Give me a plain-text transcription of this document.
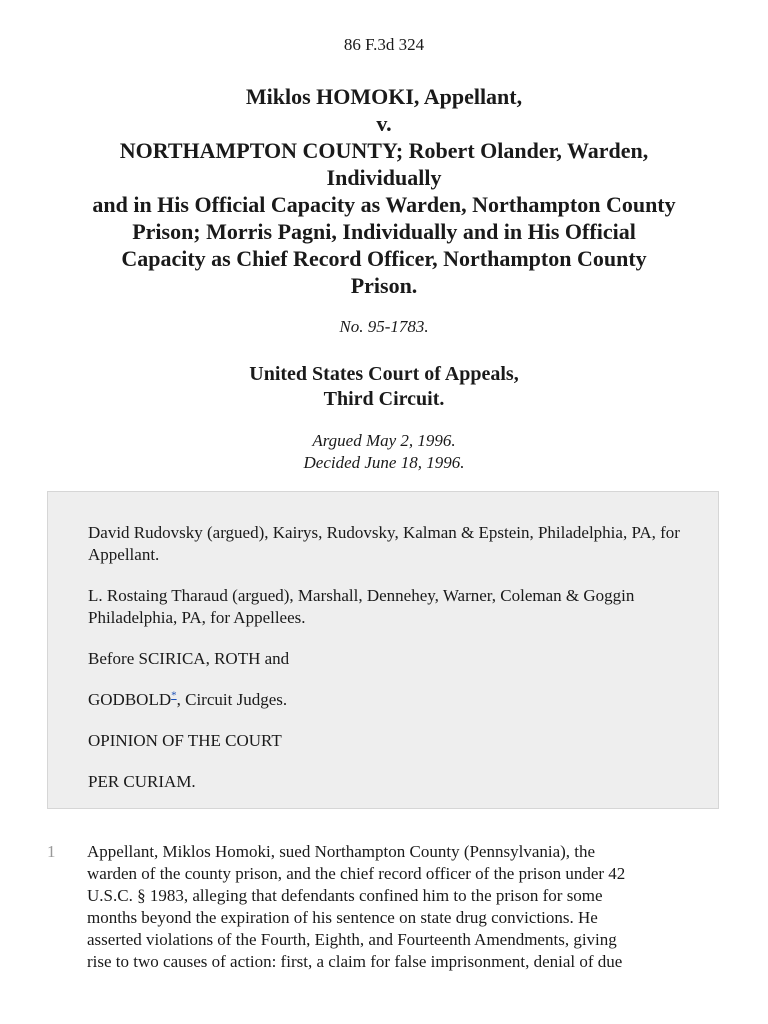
86 F.3d 324
Miklos HOMOKI, Appellant,
v.
NORTHAMPTON COUNTY; Robert Olander, Warden,
Individually
and in His Official Capacity as Warden, Northampton County
Prison; Morris Pagni, Individually and in His Official
Capacity as Chief Record Officer, Northampton County
Prison.
No. 95-1783.
United States Court of Appeals,
Third Circuit.
Argued May 2, 1996.
Decided June 18, 1996.

David Rudovsky (argued), Kairys, Rudovsky, Kalman & Epstein, Philadelphia, PA, for Appellant.

L. Rostaing Tharaud (argued), Marshall, Dennehey, Warner, Coleman & Goggin Philadelphia, PA, for Appellees.

Before SCIRICA, ROTH and

GODBOLD*, Circuit Judges.

OPINION OF THE COURT

PER CURIAM.

1 Appellant, Miklos Homoki, sued Northampton County (Pennsylvania), the
warden of the county prison, and the chief record officer of the prison under 42
U.S.C. § 1983, alleging that defendants confined him to the prison for some
months beyond the expiration of his sentence on state drug convictions. He
asserted violations of the Fourth, Eighth, and Fourteenth Amendments, giving
rise to two causes of action: first, a claim for false imprisonment, denial of due
